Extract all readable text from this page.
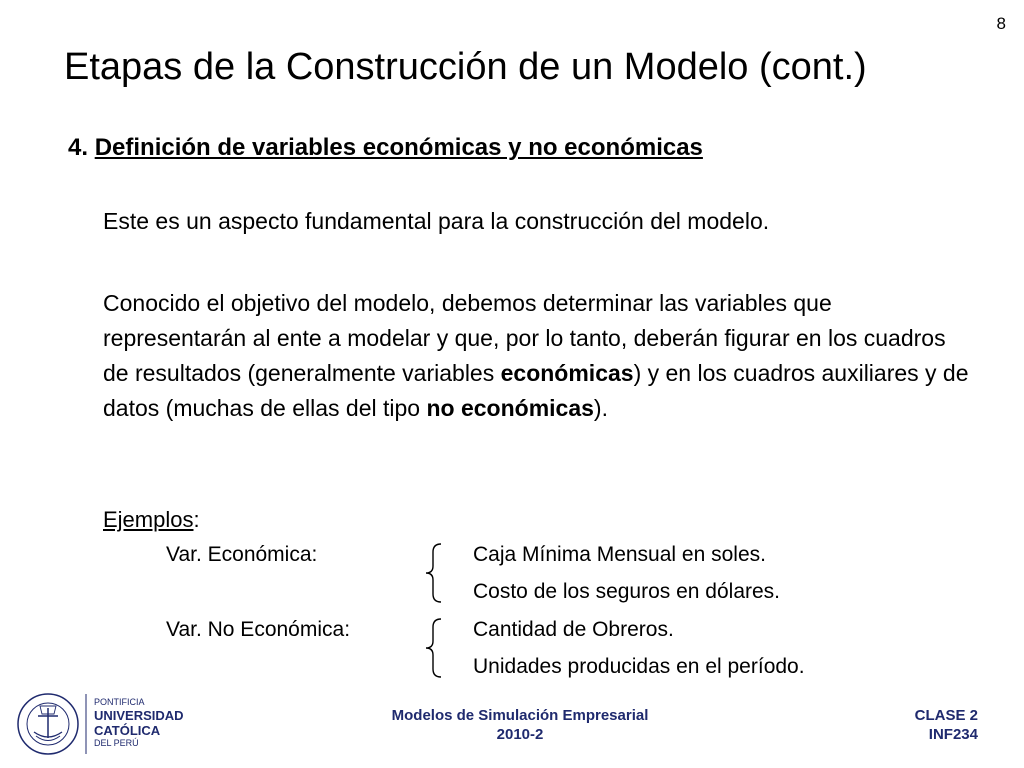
8
Etapas de la Construcción de un Modelo (cont.)
4. Definición de variables económicas y no económicas
Este es un aspecto fundamental para la construcción del modelo.
Conocido el objetivo del modelo, debemos determinar las variables que representarán al ente a modelar y que, por lo tanto, deberán figurar en los cuadros de resultados (generalmente variables económicas) y en los cuadros auxiliares y de datos (muchas de ellas del tipo no económicas).
Ejemplos:
Var. Económica:	Caja Mínima Mensual en soles.
Costo de los seguros en dólares.
Var. No Económica:	Cantidad de Obreros.
Unidades producidas en el período.
PONTIFICIA
UNIVERSIDAD
CATÓLICA
DEL PERÚ
Modelos de Simulación Empresarial
2010-2
CLASE 2
INF234
